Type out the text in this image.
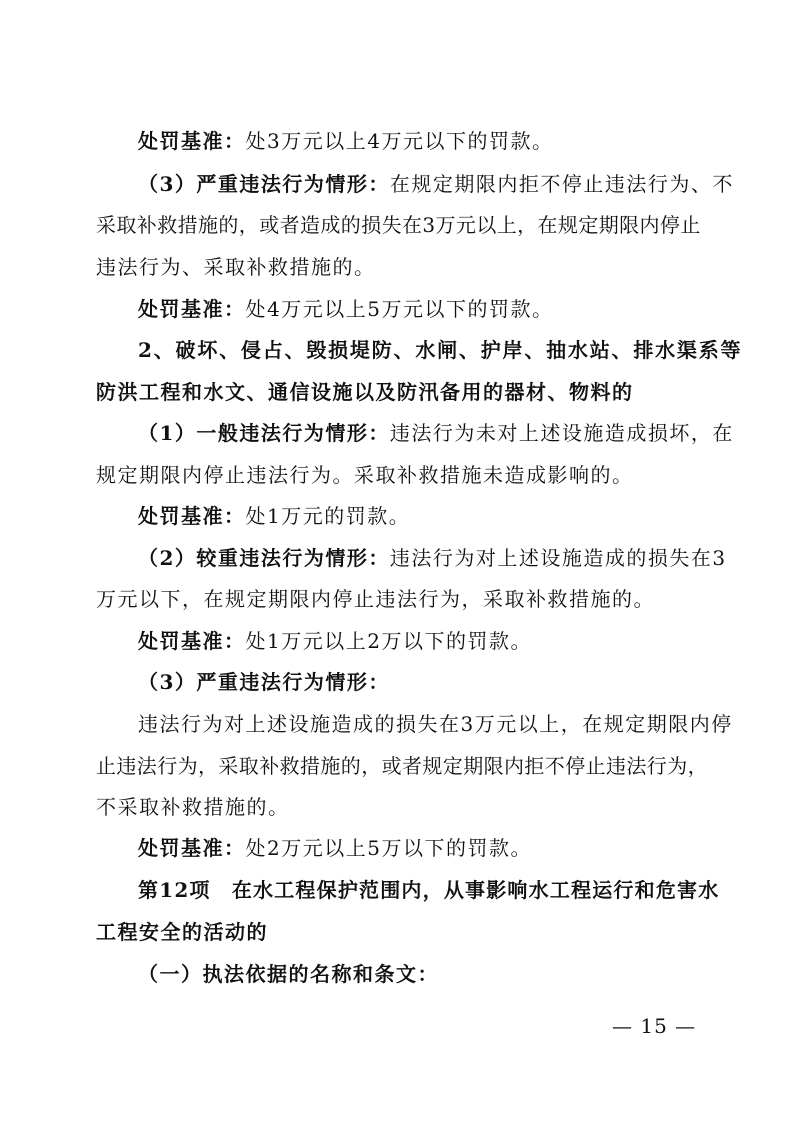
处罚基准：处3万元以上4万元以下的罚款。
（3）严重违法行为情形：在规定期限内拒不停止违法行为、不
采取补救措施的，或者造成的损失在3万元以上，在规定期限内停止
违法行为、采取补救措施的。
处罚基准：处4万元以上5万元以下的罚款。
2、破坏、侵占、毁损堤防、水闸、护岸、抽水站、排水渠系等
防洪工程和水文、通信设施以及防汛备用的器材、物料的
（1）一般违法行为情形：违法行为未对上述设施造成损坏，在
规定期限内停止违法行为。采取补救措施未造成影响的。
处罚基准：处1万元的罚款。
（2）较重违法行为情形：违法行为对上述设施造成的损失在3
万元以下，在规定期限内停止违法行为，采取补救措施的。
处罚基准：处1万元以上2万以下的罚款。
（3）严重违法行为情形：
违法行为对上述设施造成的损失在3万元以上，在规定期限内停
止违法行为，采取补救措施的，或者规定期限内拒不停止违法行为，
不采取补救措施的。
处罚基准：处2万元以上5万以下的罚款。
第12项　在水工程保护范围内，从事影响水工程运行和危害水
工程安全的活动的
（一）执法依据的名称和条文：
— 15 —
